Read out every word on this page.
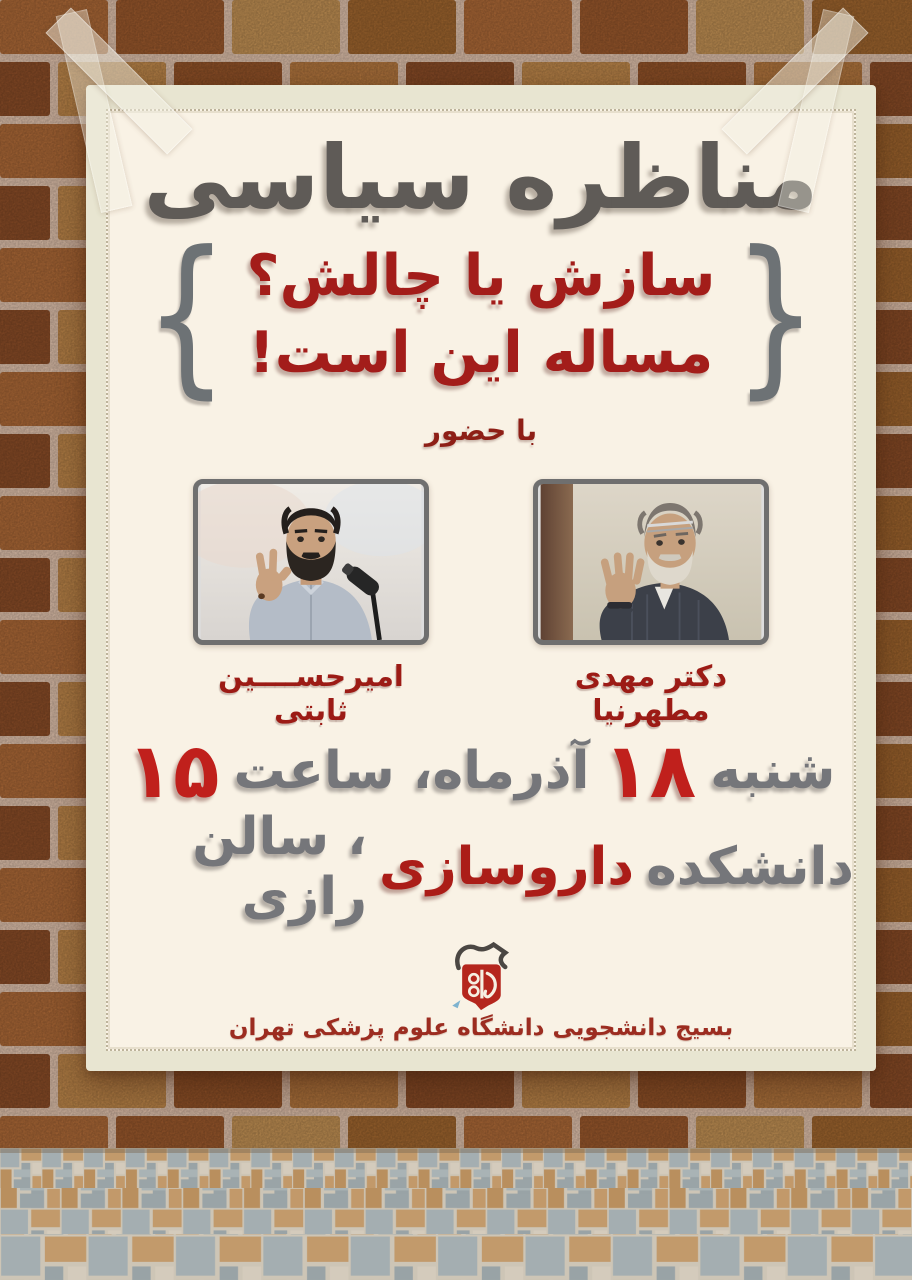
مناظره سیاسی
{ سازش یا چالش؟
مساله این است! }
با حضور
دکتر مهدی مطهرنیا
امیرحســــین ثابتی
شنبه
۱۸
آذرماه، ساعت
۱۵
دانشکده
داروسازی
، سالن رازی
بسیج دانشجویی دانشگاه علوم پزشکی تهران
